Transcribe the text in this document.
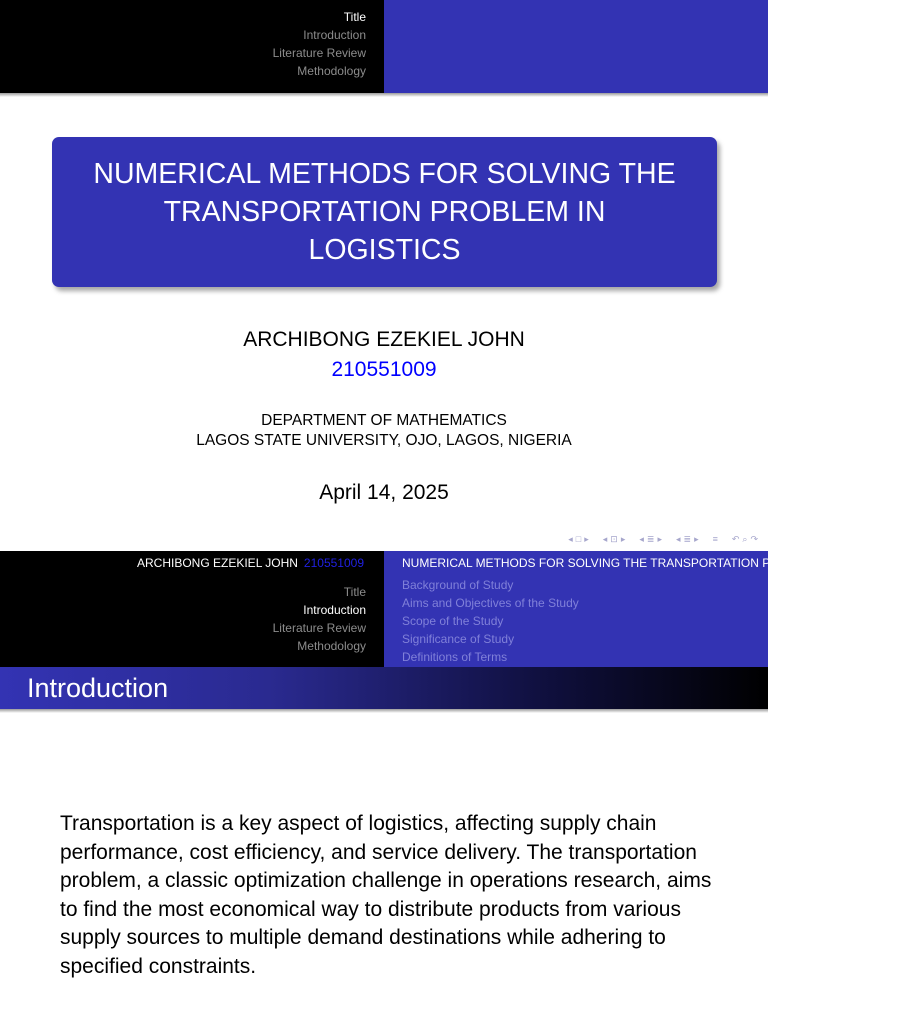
Title
Introduction
Literature Review
Methodology
NUMERICAL METHODS FOR SOLVING THE TRANSPORTATION PROBLEM IN LOGISTICS
ARCHIBONG EZEKIEL JOHN
210551009
DEPARTMENT OF MATHEMATICS
LAGOS STATE UNIVERSITY, OJO, LAGOS, NIGERIA
April 14, 2025
◂ □ ▸ ◂ ⊡ ▸ ◂ ≣ ▸ ◂ ≣ ▸ ≡ ↶ ⌕ ↷
ARCHIBONG EZEKIEL JOHN 210551009
Title
Introduction
Literature Review
Methodology
NUMERICAL METHODS FOR SOLVING THE TRANSPORTATION PROBLEM IN LOGISTICS
Background of Study
Aims and Objectives of the Study
Scope of the Study
Significance of Study
Definitions of Terms
Introduction
Transportation is a key aspect of logistics, affecting supply chain performance, cost efficiency, and service delivery. The transportation problem, a classic optimization challenge in operations research, aims to find the most economical way to distribute products from various supply sources to multiple demand destinations while adhering to specified constraints.
